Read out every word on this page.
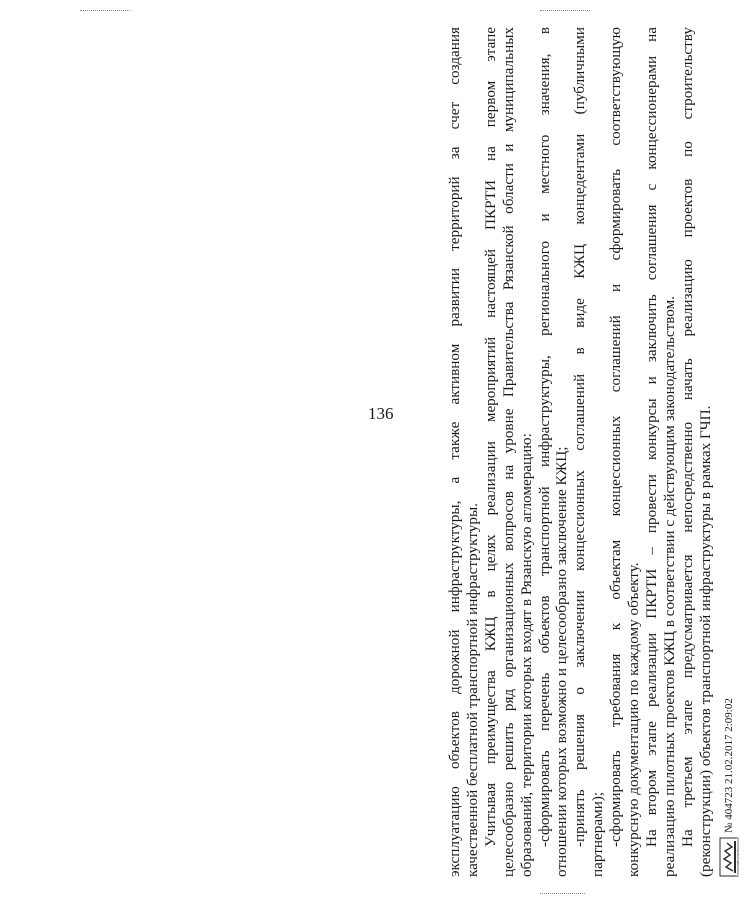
136	эксплуатацию объектов дорожной инфраструктуры, а также активном развитии территорий за счет создания качественной бесплатной транспортной инфраструктуры. Учитывая преимущества КЖЦ в целях реализации мероприятий настоящей ПКРТИ на первом этапе целесообразно решить ряд организационных вопросов на уровне Правительства Рязанской области и муниципальных образований, территории которых входят в Рязанскую агломерацию: -сформировать перечень объектов транспортной инфраструктуры, регионального и местного значения, в отношении которых возможно и целесообразно заключение КЖЦ; -принять решения о заключении концессионных соглашений в виде КЖЦ концедентами (публичными партнерами); -сформировать требования к объектам концессионных соглашений и сформировать соответствующую конкурсную документацию по каждому объекту. На втором этапе реализации ПКРТИ – провести конкурсы и заключить соглашения с концессионерами на реализацию пилотных проектов КЖЦ в соответствии с действующим законодательством. На третьем этапе предусматривается непосредственно начать реализацию проектов по строительству (реконструкции) объектов транспортной инфраструктуры в рамках ГЧП.	ДОКУМЕНТ ЗАРЕГИСТРИРОВАН
№ 404723 21.02.2017 2:09:02
